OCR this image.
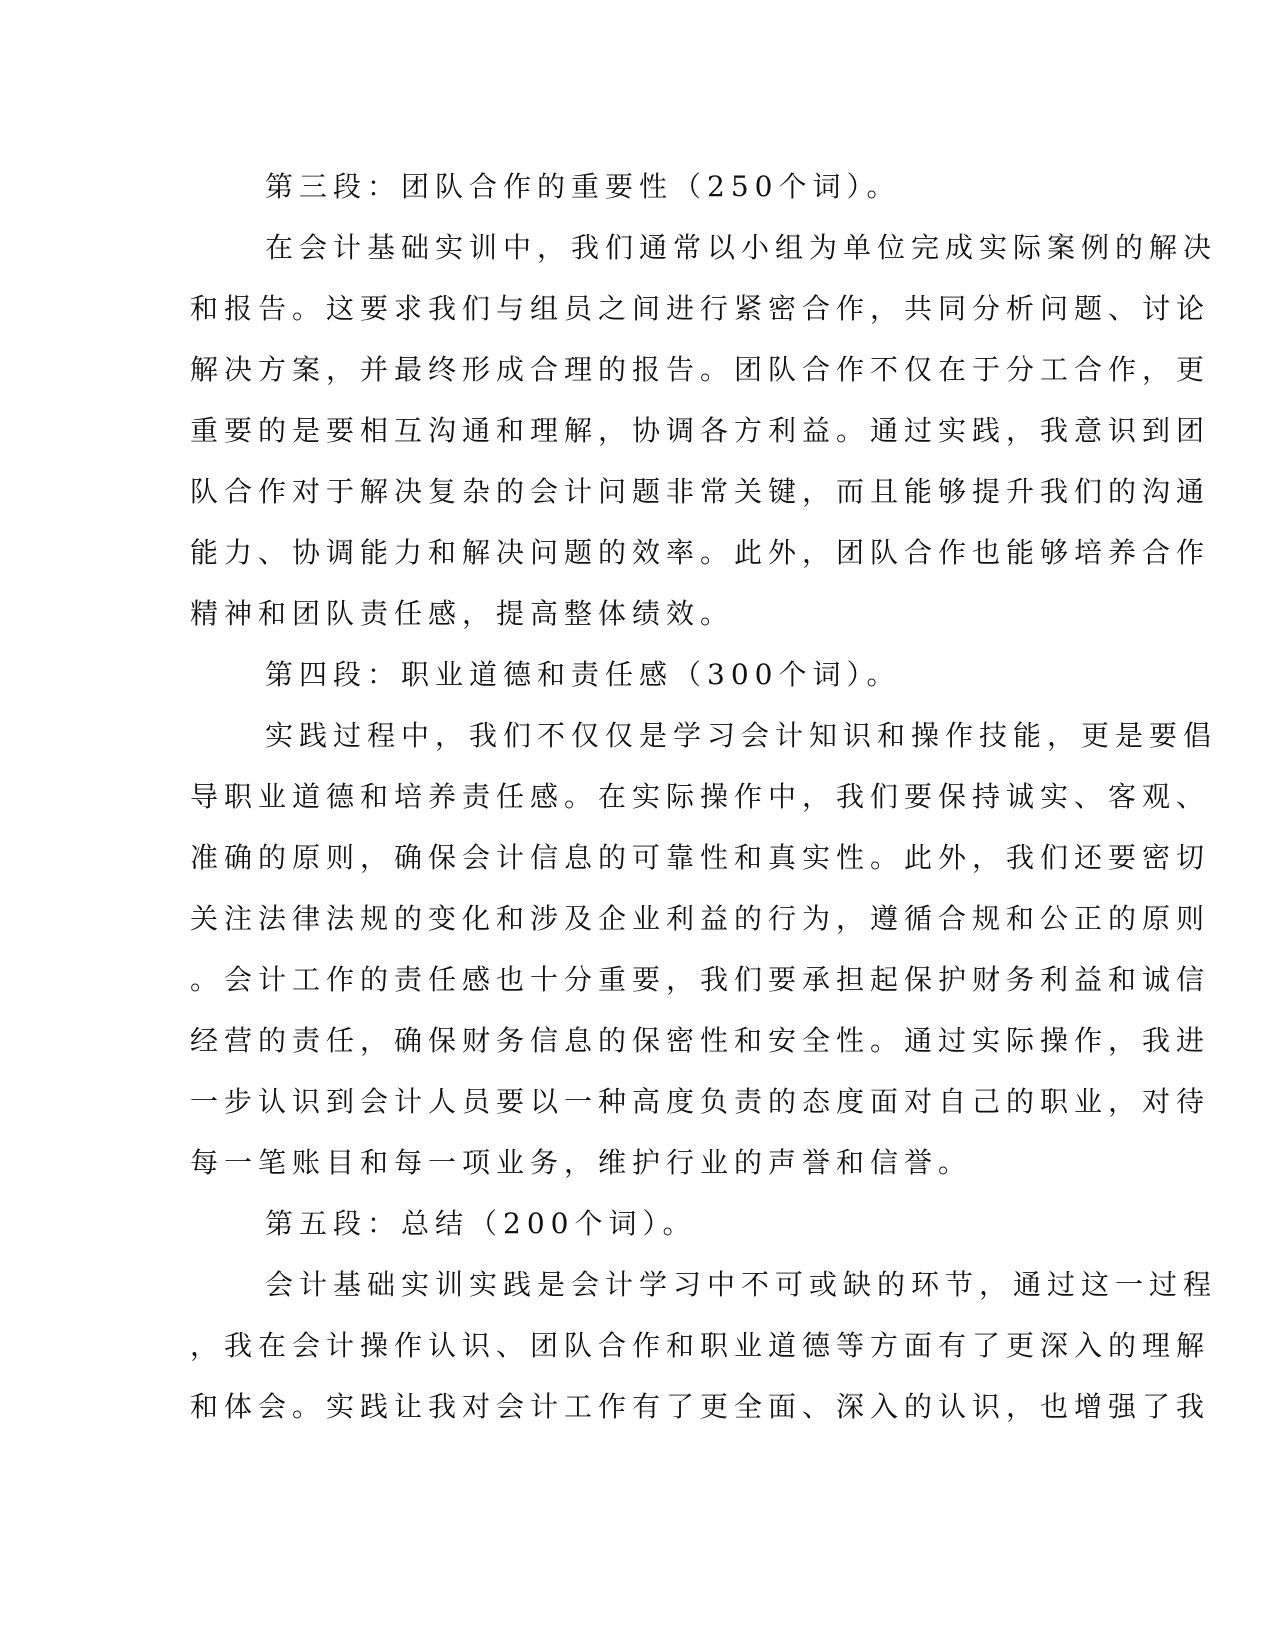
第三段：团队合作的重要性（250个词）。
在会计基础实训中，我们通常以小组为单位完成实际案例的解决
和报告。这要求我们与组员之间进行紧密合作，共同分析问题、讨论
解决方案，并最终形成合理的报告。团队合作不仅在于分工合作，更
重要的是要相互沟通和理解，协调各方利益。通过实践，我意识到团
队合作对于解决复杂的会计问题非常关键，而且能够提升我们的沟通
能力、协调能力和解决问题的效率。此外，团队合作也能够培养合作
精神和团队责任感，提高整体绩效。
第四段：职业道德和责任感（300个词）。
实践过程中，我们不仅仅是学习会计知识和操作技能，更是要倡
导职业道德和培养责任感。在实际操作中，我们要保持诚实、客观、
准确的原则，确保会计信息的可靠性和真实性。此外，我们还要密切
关注法律法规的变化和涉及企业利益的行为，遵循合规和公正的原则
。会计工作的责任感也十分重要，我们要承担起保护财务利益和诚信
经营的责任，确保财务信息的保密性和安全性。通过实际操作，我进
一步认识到会计人员要以一种高度负责的态度面对自己的职业，对待
每一笔账目和每一项业务，维护行业的声誉和信誉。
第五段：总结（200个词）。
会计基础实训实践是会计学习中不可或缺的环节，通过这一过程
，我在会计操作认识、团队合作和职业道德等方面有了更深入的理解
和体会。实践让我对会计工作有了更全面、深入的认识，也增强了我
